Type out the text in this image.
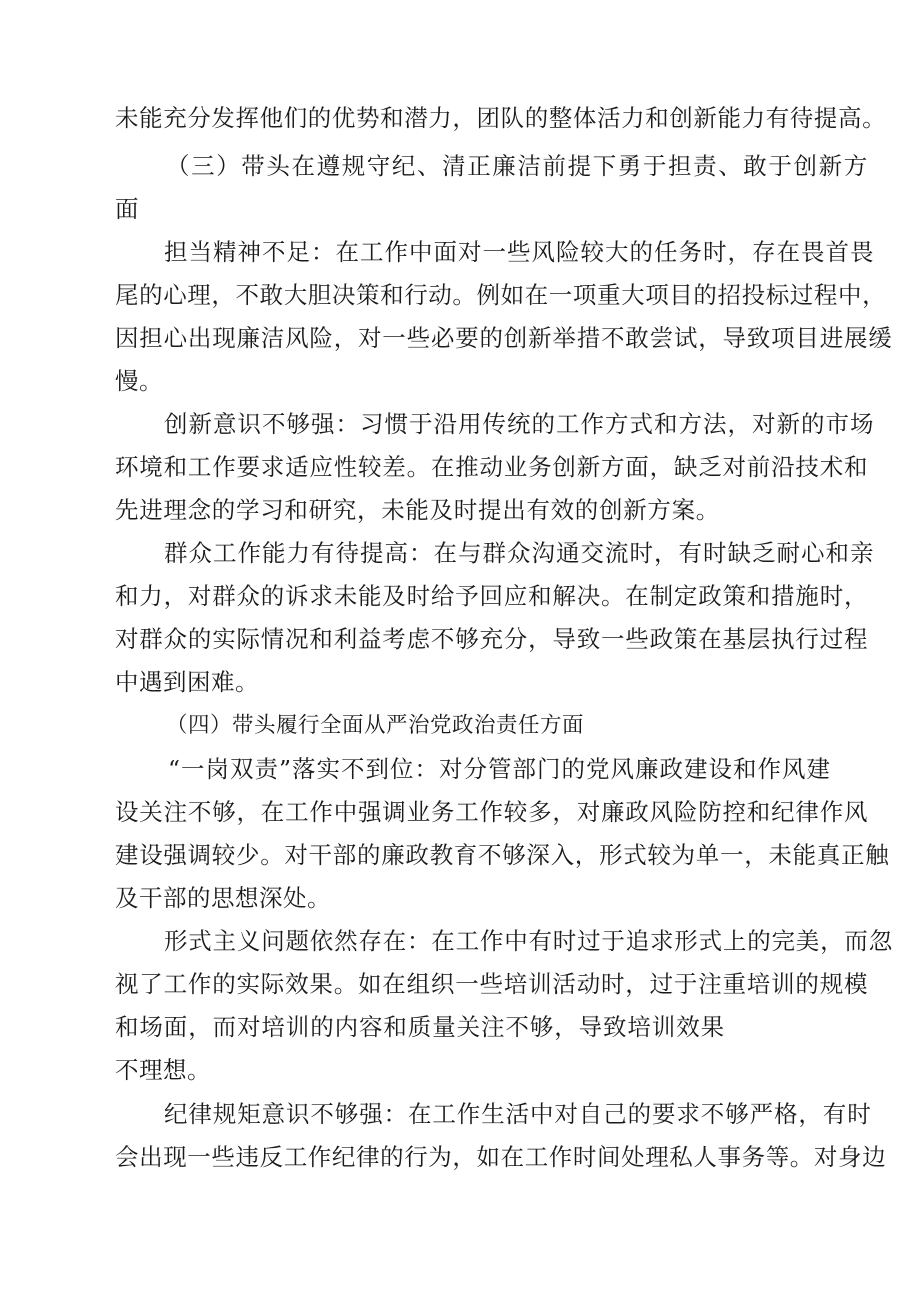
未能充分发挥他们的优势和潜力，团队的整体活力和创新能力有待提高。
（三）带头在遵规守纪、清正廉洁前提下勇于担责、敢于创新方
面
担当精神不足：在工作中面对一些风险较大的任务时，存在畏首畏
尾的心理，不敢大胆决策和行动。例如在一项重大项目的招投标过程中，
因担心出现廉洁风险，对一些必要的创新举措不敢尝试，导致项目进展缓
慢。
创新意识不够强：习惯于沿用传统的工作方式和方法，对新的市场
环境和工作要求适应性较差。在推动业务创新方面，缺乏对前沿技术和
先进理念的学习和研究，未能及时提出有效的创新方案。
群众工作能力有待提高：在与群众沟通交流时，有时缺乏耐心和亲
和力，对群众的诉求未能及时给予回应和解决。在制定政策和措施时，
对群众的实际情况和利益考虑不够充分，导致一些政策在基层执行过程
中遇到困难。
（四）带头履行全面从严治党政治责任方面
“一岗双责”落实不到位：对分管部门的党风廉政建设和作风建
设关注不够，在工作中强调业务工作较多，对廉政风险防控和纪律作风
建设强调较少。对干部的廉政教育不够深入，形式较为单一，未能真正触
及干部的思想深处。
形式主义问题依然存在：在工作中有时过于追求形式上的完美，而忽
视了工作的实际效果。如在组织一些培训活动时，过于注重培训的规模
和场面，而对培训的内容和质量关注不够，导致培训效果
不理想。
纪律规矩意识不够强：在工作生活中对自己的要求不够严格，有时
会出现一些违反工作纪律的行为，如在工作时间处理私人事务等。对身边
